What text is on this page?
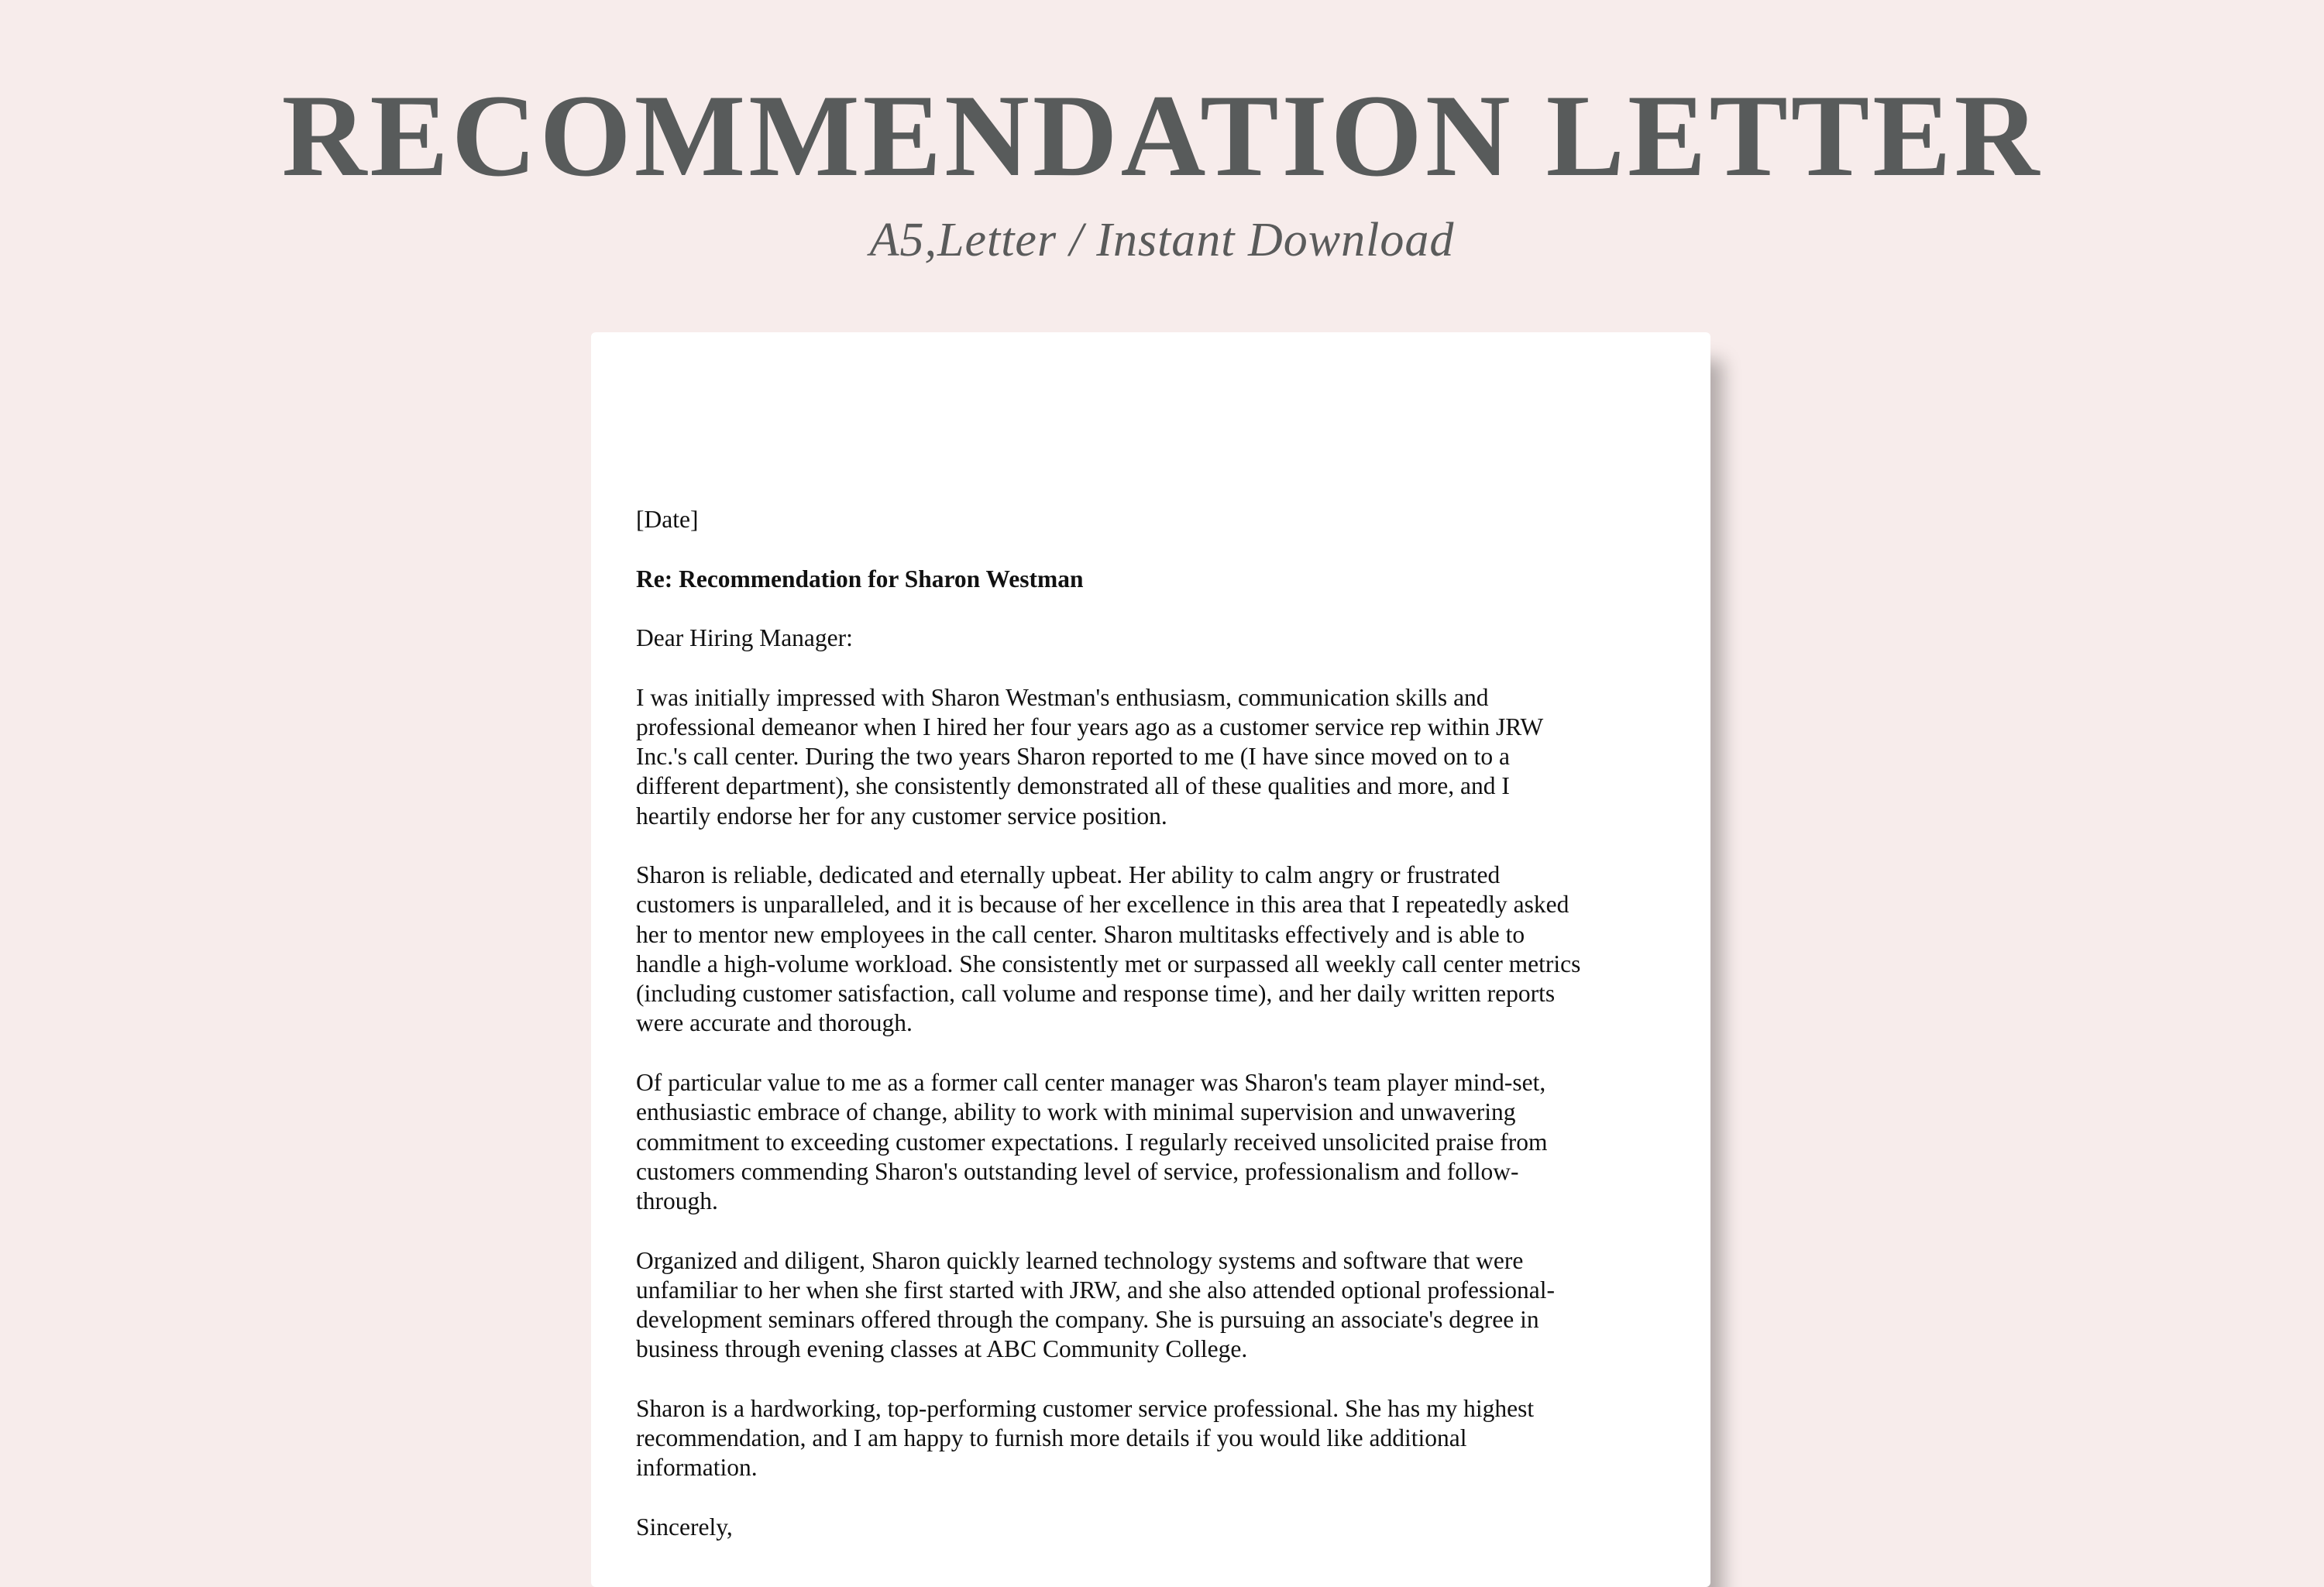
RECOMMENDATION LETTER
A5,Letter / Instant Download

[Date]

Re: Recommendation for Sharon Westman

Dear Hiring Manager:

I was initially impressed with Sharon Westman's enthusiasm, communication skills and
professional demeanor when I hired her four years ago as a customer service rep within JRW
Inc.'s call center. During the two years Sharon reported to me (I have since moved on to a
different department), she consistently demonstrated all of these qualities and more, and I
heartily endorse her for any customer service position.

Sharon is reliable, dedicated and eternally upbeat. Her ability to calm angry or frustrated
customers is unparalleled, and it is because of her excellence in this area that I repeatedly asked
her to mentor new employees in the call center. Sharon multitasks effectively and is able to
handle a high-volume workload. She consistently met or surpassed all weekly call center metrics
(including customer satisfaction, call volume and response time), and her daily written reports
were accurate and thorough.

Of particular value to me as a former call center manager was Sharon's team player mind-set,
enthusiastic embrace of change, ability to work with minimal supervision and unwavering
commitment to exceeding customer expectations. I regularly received unsolicited praise from
customers commending Sharon's outstanding level of service, professionalism and follow-
through.

Organized and diligent, Sharon quickly learned technology systems and software that were
unfamiliar to her when she first started with JRW, and she also attended optional professional-
development seminars offered through the company. She is pursuing an associate's degree in
business through evening classes at ABC Community College.

Sharon is a hardworking, top-performing customer service professional. She has my highest
recommendation, and I am happy to furnish more details if you would like additional
information.

Sincerely,
